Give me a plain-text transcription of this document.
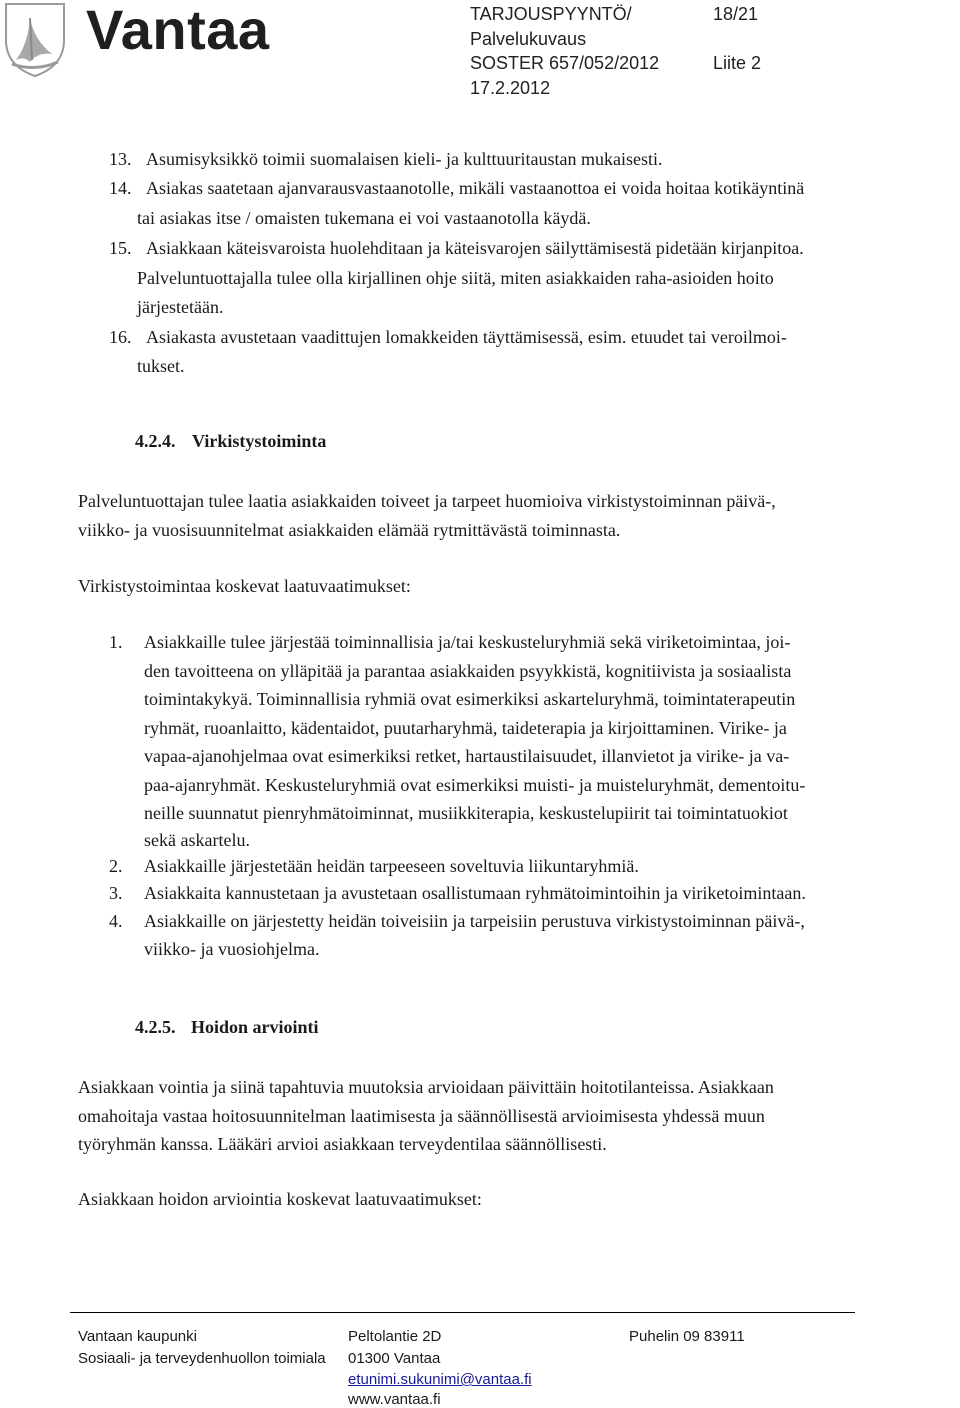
Vantaa	TARJOUSPYYNTÖ/	18/21
Palvelukuvaus
SOSTER 657/052/2012	Liite 2
17.2.2012
13. Asumisyksikkö toimii suomalaisen kieli- ja kulttuuritaustan mukaisesti.
14. Asiakas saatetaan ajanvarausvastaanotolle, mikäli vastaanottoa ei voida hoitaa kotikäyntinä
tai asiakas itse / omaisten tukemana ei voi vastaanotolla käydä.
15. Asiakkaan käteisvaroista huolehditaan ja käteisvarojen säilyttämisestä pidetään kirjanpitoa.
Palveluntuottajalla tulee olla kirjallinen ohje siitä, miten asiakkaiden raha-asioiden hoito
järjestetään.
16. Asiakasta avustetaan vaadittujen lomakkeiden täyttämisessä, esim. etuudet tai veroilmoi-
tukset.
4.2.4. Virkistystoiminta
Palveluntuottajan tulee laatia asiakkaiden toiveet ja tarpeet huomioiva virkistystoiminnan päivä-,
viikko- ja vuosisuunnitelmat asiakkaiden elämää rytmittävästä toiminnasta.
Virkistystoimintaa koskevat laatuvaatimukset:
1. Asiakkaille tulee järjestää toiminnallisia ja/tai keskusteluryhmiä sekä viriketoimintaa, joi-
den tavoitteena on ylläpitää ja parantaa asiakkaiden psyykkistä, kognitiivista ja sosiaalista
toimintakykyä. Toiminnallisia ryhmiä ovat esimerkiksi askarteluryhmä, toimintaterapeutin
ryhmät, ruoanlaitto, kädentaidot, puutarharyhmä, taideterapia ja kirjoittaminen. Virike- ja
vapaa-ajanohjelmaa ovat esimerkiksi retket, hartaustilaisuudet, illanvietot ja virike- ja va-
paa-ajanryhmät. Keskusteluryhmiä ovat esimerkiksi muisti- ja muisteluryhmät, dementoitu-
neille suunnatut pienryhmätoiminnat, musiikkiterapia, keskustelupiirit tai toimintatuokiot
sekä askartelu.
2. Asiakkaille järjestetään heidän tarpeeseen soveltuvia liikuntaryhmiä.
3. Asiakkaita kannustetaan ja avustetaan osallistumaan ryhmätoimintoihin ja viriketoimintaan.
4. Asiakkaille on järjestetty heidän toiveisiin ja tarpeisiin perustuva virkistystoiminnan päivä-,
viikko- ja vuosiohjelma.
4.2.5. Hoidon arviointi
Asiakkaan vointia ja siinä tapahtuvia muutoksia arvioidaan päivittäin hoitotilanteissa. Asiakkaan
omahoitaja vastaa hoitosuunnitelman laatimisesta ja säännöllisestä arvioimisesta yhdessä muun
työryhmän kanssa. Lääkäri arvioi asiakkaan terveydentilaa säännöllisesti.
Asiakkaan hoidon arviointia koskevat laatuvaatimukset:
Vantaan kaupunki
Sosiaali- ja terveydenhuollon toimiala
Peltolantie 2D
01300 Vantaa
etunimi.sukunimi@vantaa.fi
www.vantaa.fi
Puhelin 09 83911
